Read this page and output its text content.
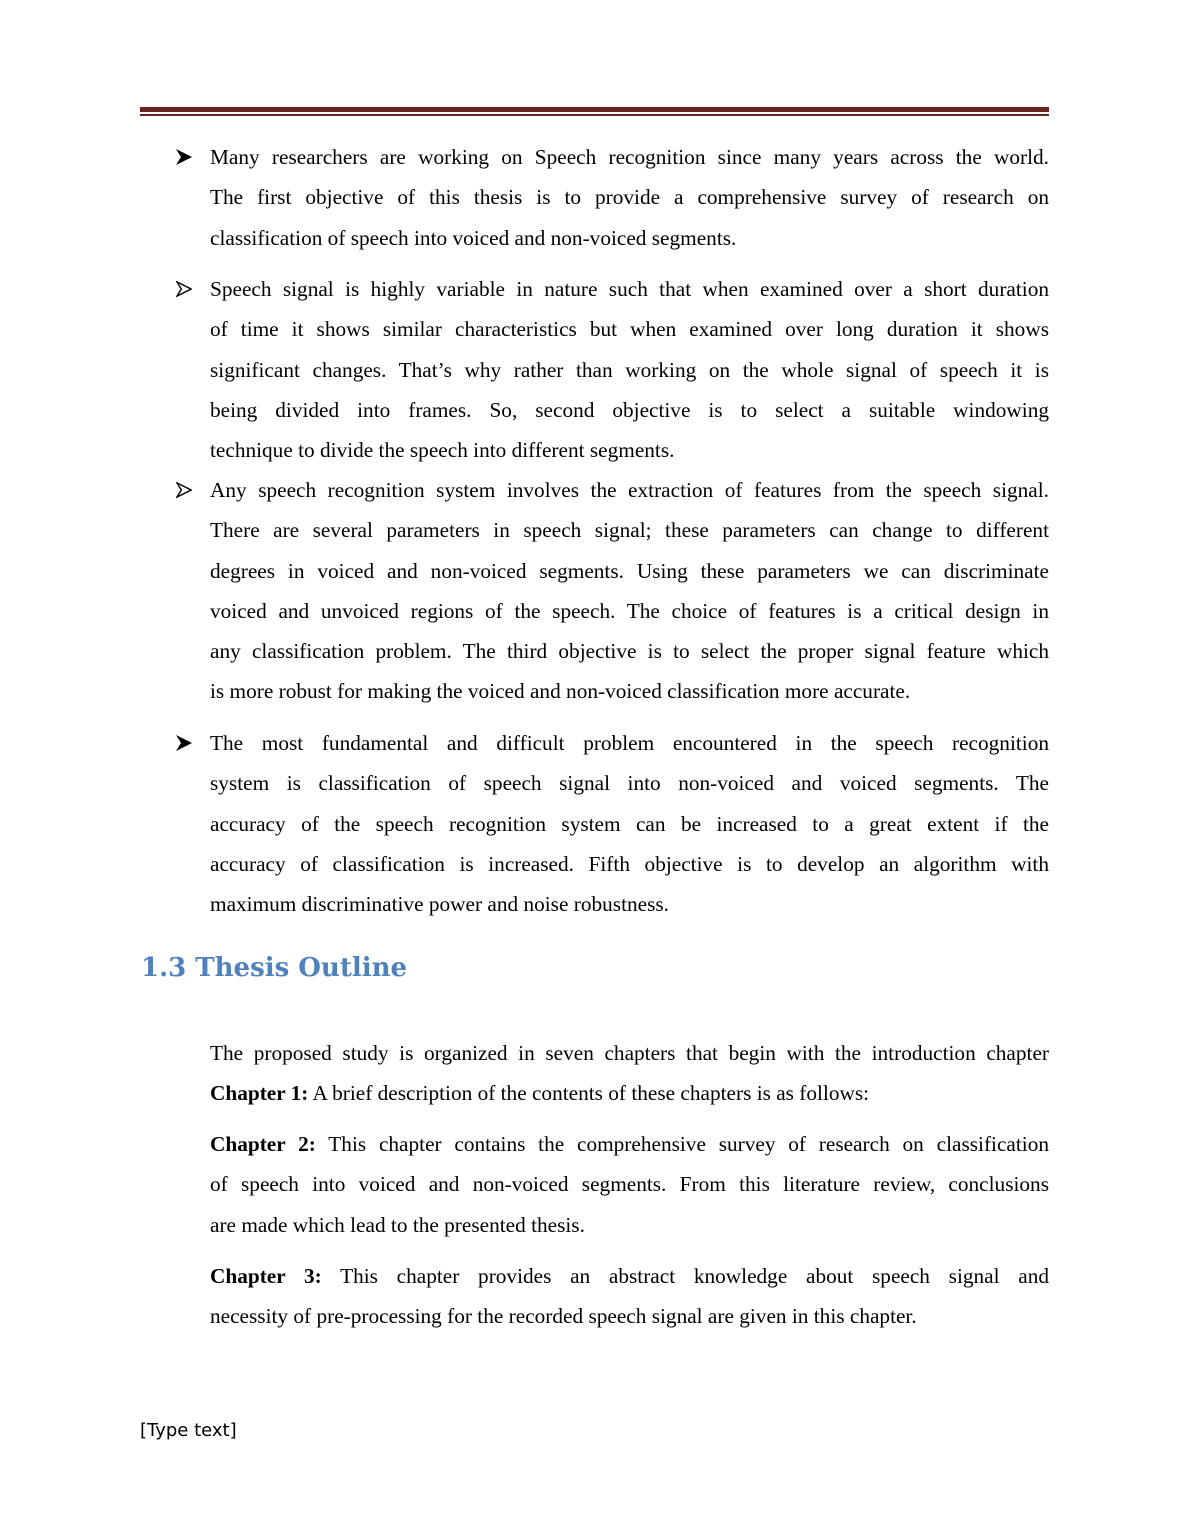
Many researchers are working on Speech recognition since many years across the world.
The first objective of this thesis is to provide a comprehensive survey of research on
classification of speech into voiced and non-voiced segments.
Speech signal is highly variable in nature such that when examined over a short duration
of time it shows similar characteristics but when examined over long duration it shows
significant changes. That’s why rather than working on the whole signal of speech it is
being divided into frames. So, second objective is to select a suitable windowing
technique to divide the speech into different segments.
Any speech recognition system involves the extraction of features from the speech signal.
There are several parameters in speech signal; these parameters can change to different
degrees in voiced and non-voiced segments. Using these parameters we can discriminate
voiced and unvoiced regions of the speech. The choice of features is a critical design in
any classification problem. The third objective is to select the proper signal feature which
is more robust for making the voiced and non-voiced classification more accurate.
The most fundamental and difficult problem encountered in the speech recognition
system is classification of speech signal into non-voiced and voiced segments. The
accuracy of the speech recognition system can be increased to a great extent if the
accuracy of classification is increased. Fifth objective is to develop an algorithm with
maximum discriminative power and noise robustness.
1.3 Thesis Outline
The proposed study is organized in seven chapters that begin with the introduction chapter
Chapter 1: A brief description of the contents of these chapters is as follows:
Chapter 2: This chapter contains the comprehensive survey of research on classification
of speech into voiced and non-voiced segments. From this literature review, conclusions
are made which lead to the presented thesis.
Chapter 3: This chapter provides an abstract knowledge about speech signal and
necessity of pre-processing for the recorded speech signal are given in this chapter.
[Type text]
